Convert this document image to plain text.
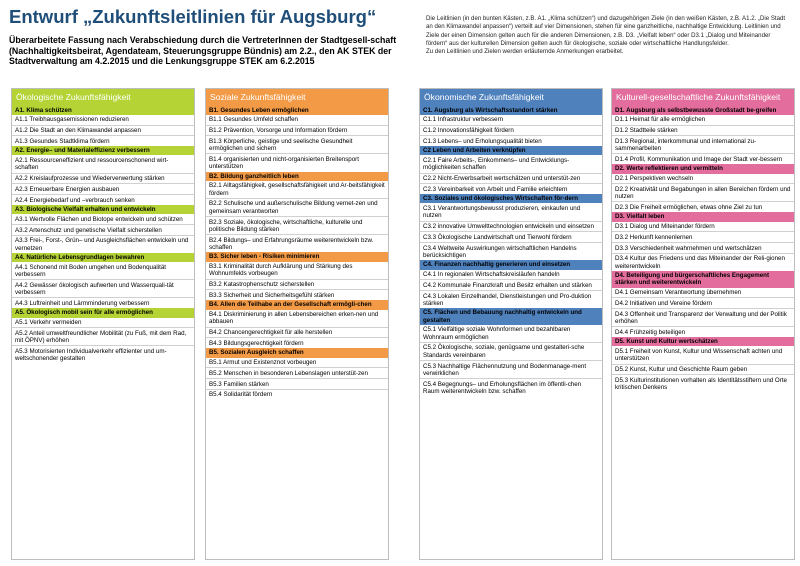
Entwurf „Zukunftsleitlinien für Augsburg“
Überarbeitete Fassung nach Verabschiedung durch die VertreterInnen der Stadtgesell-schaft (Nachhaltigkeitsbeirat, Agendateam, Steuerungsgruppe Bündnis) am 2.2., den AK STEK der Stadtverwaltung am 4.2.2015 und die Lenkungsgruppe STEK am 6.2.2015

Die Leitlinien (in den bunten Kästen, z.B. A1. „Klima schützen“) und dazugehörigen Ziele (in den weißen Kästen, z.B. A1.2. „Die Stadt an den Klimawandel anpassen“) verteilt auf vier Dimensionen, stehen für eine ganzheitliche, nachhaltige Entwicklung. Leitlinien und Ziele der einen Dimension gelten auch für die anderen Dimensionen, z.B. D3. „Vielfalt leben“ oder D3.1 „Dialog und Miteinander fördern“ aus der kulturellen Dimension gelten auch für ökologische, soziale oder wirtschaftliche Handlungsfelder.

Zu den Leitlinien und Zielen werden erläuternde Anmerkungen erarbeitet.

Ökologische Zukunftsfähigkeit
A1. Klima schützen
A1.1 Treibhausgasemissionen reduzieren
A1.2 Die Stadt an den Klimawandel anpassen
A1.3 Gesundes Stadtklima fördern
A2. Energie– und Materialeffizienz verbessern
A2.1 Ressourceneffizient und ressourcenschonend wirt-schaften
A2.2 Kreislaufprozesse und Wiederverwertung stärken
A2.3 Erneuerbare Energien ausbauen
A2.4 Energiebedarf und –verbrauch senken
A3. Biologische Vielfalt erhalten und entwickeln
A3.1 Wertvolle Flächen und Biotope entwickeln und schützen
A3.2 Artenschutz und genetische Vielfalt sicherstellen
A3.3 Frei-, Forst-, Grün– und Ausgleichsflächen entwickeln und vernetzen
A4. Natürliche Lebensgrundlagen bewahren
A4.1 Schonend mit Boden umgehen und Bodenqualität verbessern
A4.2 Gewässer ökologisch aufwerten und Wasserquali-tät verbessern
A4.3 Luftreinheit und Lärmminderung verbessern
A5. Ökologisch mobil sein für alle ermöglichen
A5.1 Verkehr vermeiden
A5.2 Anteil umweltfreundlicher Mobilität (zu Fuß, mit dem Rad, mit ÖPNV) erhöhen
A5.3 Motorisierten Individualverkehr effizienter und um-weltschonender gestalten
Soziale Zukunftsfähigkeit
B1. Gesundes Leben ermöglichen
B1.1 Gesundes Umfeld schaffen
B1.2 Prävention, Vorsorge und Information fördern
B1.3 Körperliche, geistige und seelische Gesundheit ermöglichen und sichern
B1.4 organisierten und nicht-organisierten Breitensport unterstützen
B2. Bildung ganzheitlich leben
B2.1 Alltagsfähigkeit, gesellschaftsfähigkeit und Ar-beitsfähigkeit fördern
B2.2 Schulische und außerschulische Bildung vernet-zen und gemeinsam verantworten
B2.3 Soziale, ökologische, wirtschaftliche, kulturelle und politische Bildung stärken
B2.4 Bildungs– und Erfahrungsräume weiterentwickeln bzw. schaffen
B3. Sicher leben - Risiken minimieren
B3.1 Kriminalität durch Aufklärung und Stärkung des Wohnumfelds vorbeugen
B3.2 Katastrophenschutz sicherstellen
B3.3 Sicherheit und Sicherheitsgefühl stärken
B4. Allen die Teilhabe an der Gesellschaft ermögli-chen
B4.1 Diskriminierung in allen Lebensbereichen erken-nen und abbauen
B4.2 Chancengerechtigkeit für alle herstellen
B4.3 Bildungsgerechtigkeit fördern
B5. Sozialen Ausgleich schaffen
B5.1 Armut und Existenznot vorbeugen
B5.2 Menschen in besonderen Lebenslagen unterstüt-zen
B5.3 Familien stärken
B5.4 Solidarität fördern
Ökonomische Zukunftsfähigkeit
C1. Augsburg als Wirtschaftsstandort stärken
C1.1 Infrastruktur verbessern
C1.2 Innovationsfähigkeit fördern
C1.3 Lebens– und Erholungsqualität bieten
C2 Leben und Arbeiten verknüpfen
C2.1 Faire Arbeits-, Einkommens– und Entwicklungs-möglichkeiten schaffen
C2.2 Nicht-Erwerbsarbeit wertschätzen und unterstüt-zen
C2.3 Vereinbarkeit von Arbeit und Familie erleichtern
C3. Soziales und ökologisches Wirtschaften för-dern
C3.1 Verantwortungsbewusst produzieren, einkaufen und nutzen
C3.2 innovative Umwelttechnologien entwickeln und einsetzen
C3.3 Ökologische Landwirtschaft und Tierwohl fördern
C3.4 Weltweite Auswirkungen wirtschaftlichen Handelns berücksichtigen
C4. Finanzen nachhaltig generieren und einsetzen
C4.1 In regionalen Wirtschaftskreisläufen handeln
C4.2 Kommunale Finanzkraft und Besitz erhalten und stärken
C4.3 Lokalen Einzelhandel, Dienstleistungen und Pro-duktion stärken
C5. Flächen und Bebauung nachhaltig entwickeln und gestalten
C5.1 Vielfältige soziale Wohnformen und bezahlbaren Wohnraum ermöglichen
C5.2 Ökologische, soziale, genügsame und gestalteri-sche Standards vereinbaren
C5.3 Nachhaltige Flächennutzung und Bodenmanage-ment verwirklichen
C5.4 Begegnungs– und Erholungsflächen im öffentli-chen Raum weiterentwickeln bzw. schaffen
Kulturell-gesellschaftliche Zukunftsfähigkeit
D1. Augsburg als selbstbewusste Großstadt be-greifen
D1.1 Heimat für alle ermöglichen
D1.2 Stadtteile stärken
D1.3 Regional, interkommunal und international zu-sammenarbeiten
D1.4 Profil, Kommunikation und Image der Stadt ver-bessern
D2. Werte reflektieren und vermitteln
D2.1 Perspektiven wechseln
D2.2 Kreativität und Begabungen in allen Bereichen fördern und nutzen
D2.3 Die Freiheit ermöglichen, etwas ohne Ziel zu tun
D3. Vielfalt leben
D3.1 Dialog und Miteinander fördern
D3.2 Herkunft kennenlernen
D3.3 Verschiedenheit wahrnehmen und wertschätzen
D3.4 Kultur des Friedens und das Miteinander der Reli-gionen weiterentwickeln
D4. Beteiligung und bürgerschaftliches Engagement stärken und weiterentwickeln
D4.1 Gemeinsam Verantwortung übernehmen
D4.2 Initiativen und Vereine fördern
D4.3 Offenheit und Transparenz der Verwaltung und der Politik erhöhen
D4.4 Frühzeitig beteiligen
D5. Kunst und Kultur wertschätzen
D5.1 Freiheit von Kunst, Kultur und Wissenschaft achten und unterstützen
D5.2 Kunst, Kultur und Geschichte Raum geben
D5.3 Kulturinstitutionen vorhalten als Identitätsstiftern und Orte kritischen Denkens
